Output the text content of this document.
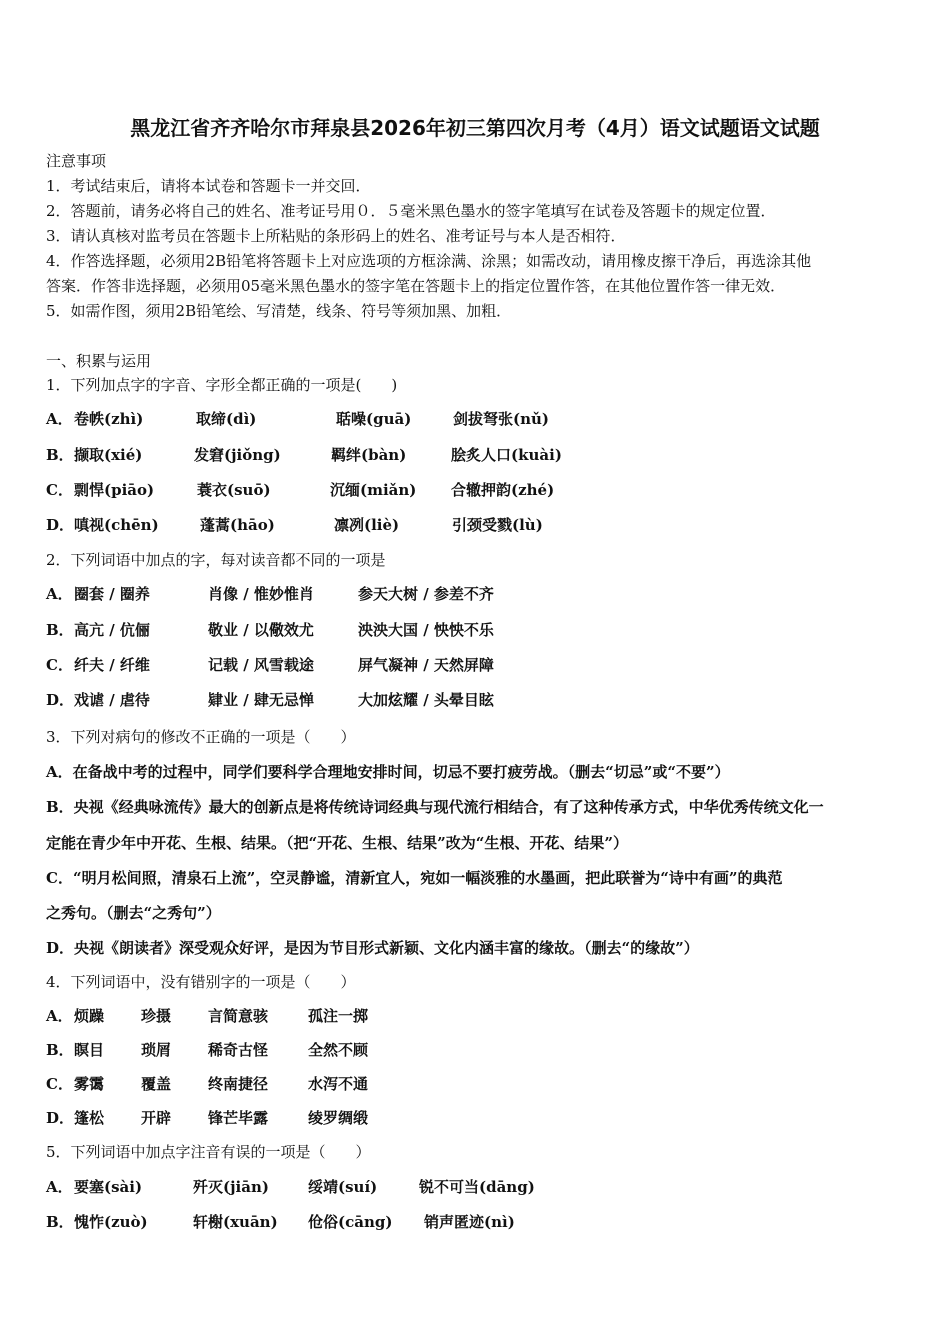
黑龙江省齐齐哈尔市拜泉县2026年初三第四次月考（4月）语文试题语文试题
注意事项
1．考试结束后，请将本试卷和答题卡一并交回．
2．答题前，请务必将自己的姓名、准考证号用０．５毫米黑色墨水的签字笔填写在试卷及答题卡的规定位置．
3．请认真核对监考员在答题卡上所粘贴的条形码上的姓名、准考证号与本人是否相符．
4．作答选择题，必须用2B铅笔将答题卡上对应选项的方框涂满、涂黑；如需改动，请用橡皮擦干净后，再选涂其他
答案．作答非选择题，必须用05毫米黑色墨水的签字笔在答题卡上的指定位置作答，在其他位置作答一律无效．
5．如需作图，须用2B铅笔绘、写清楚，线条、符号等须加黑、加粗．
一、积累与运用
1．下列加点字的字音、字形全都正确的一项是(　　)
A． 卷帙(zhì)	取缔(dì)	聒噪(guā)	剑拔弩张(nǔ)
B． 撷取(xié)	发窘(jiǒng)	羁绊(bàn)	脍炙人口(kuài)
C． 剽悍(piāo)	蓑衣(suō)	沉缅(miǎn) 合辙押韵(zhé)
D． 嗔视(chēn)	蓬蒿(hāo)	凛冽(liè)	引颈受戮(lù)
2．下列词语中加点的字，每对读音都不同的一项是
A． 圈套 / 圈养	肖像 / 惟妙惟肖	参天大树 / 参差不齐
B． 高亢 / 伉俪	敬业 / 以儆效尤	泱泱大国 / 怏怏不乐
C． 纤夫 / 纤维	记载 / 风雪载途	屏气凝神 / 天然屏障
D． 戏谑 / 虐待	肄业 / 肆无忌惮	大加炫耀 / 头晕目眩
3．下列对病句的修改不正确的一项是（　　）
A．在备战中考的过程中，同学们要科学合理地安排时间，切忌不要打疲劳战。（删去“切忌”或“不要”）
B．央视《经典咏流传》最大的创新点是将传统诗词经典与现代流行相结合，有了这种传承方式，中华优秀传统文化一
定能在青少年中开花、生根、结果。（把“开花、生根、结果”改为“生根、开花、结果”）
C．“明月松间照，清泉石上流”，空灵静谧，清新宜人，宛如一幅淡雅的水墨画，把此联誉为“诗中有画”的典范
之秀句。（删去“之秀句”）
D．央视《朗读者》深受观众好评，是因为节目形式新颖、文化内涵丰富的缘故。（删去“的缘故”）
4．下列词语中，没有错别字的一项是（　　）
A． 烦躁 珍摄 言简意骇	孤注一掷
B． 瞑目 琐屑 稀奇古怪	全然不顾
C． 雾霭 覆盖 终南捷径	水泻不通
D． 篷松 开辟 锋芒毕露	绫罗绸缎
5．下列词语中加点字注音有误的一项是（　　）
A． 要塞(sài)	歼灭(jiān)	绥靖(suí)	锐不可当(dāng)
B． 愧怍(zuò)	轩榭(xuān) 伧俗(cāng) 销声匿迹(nì)
